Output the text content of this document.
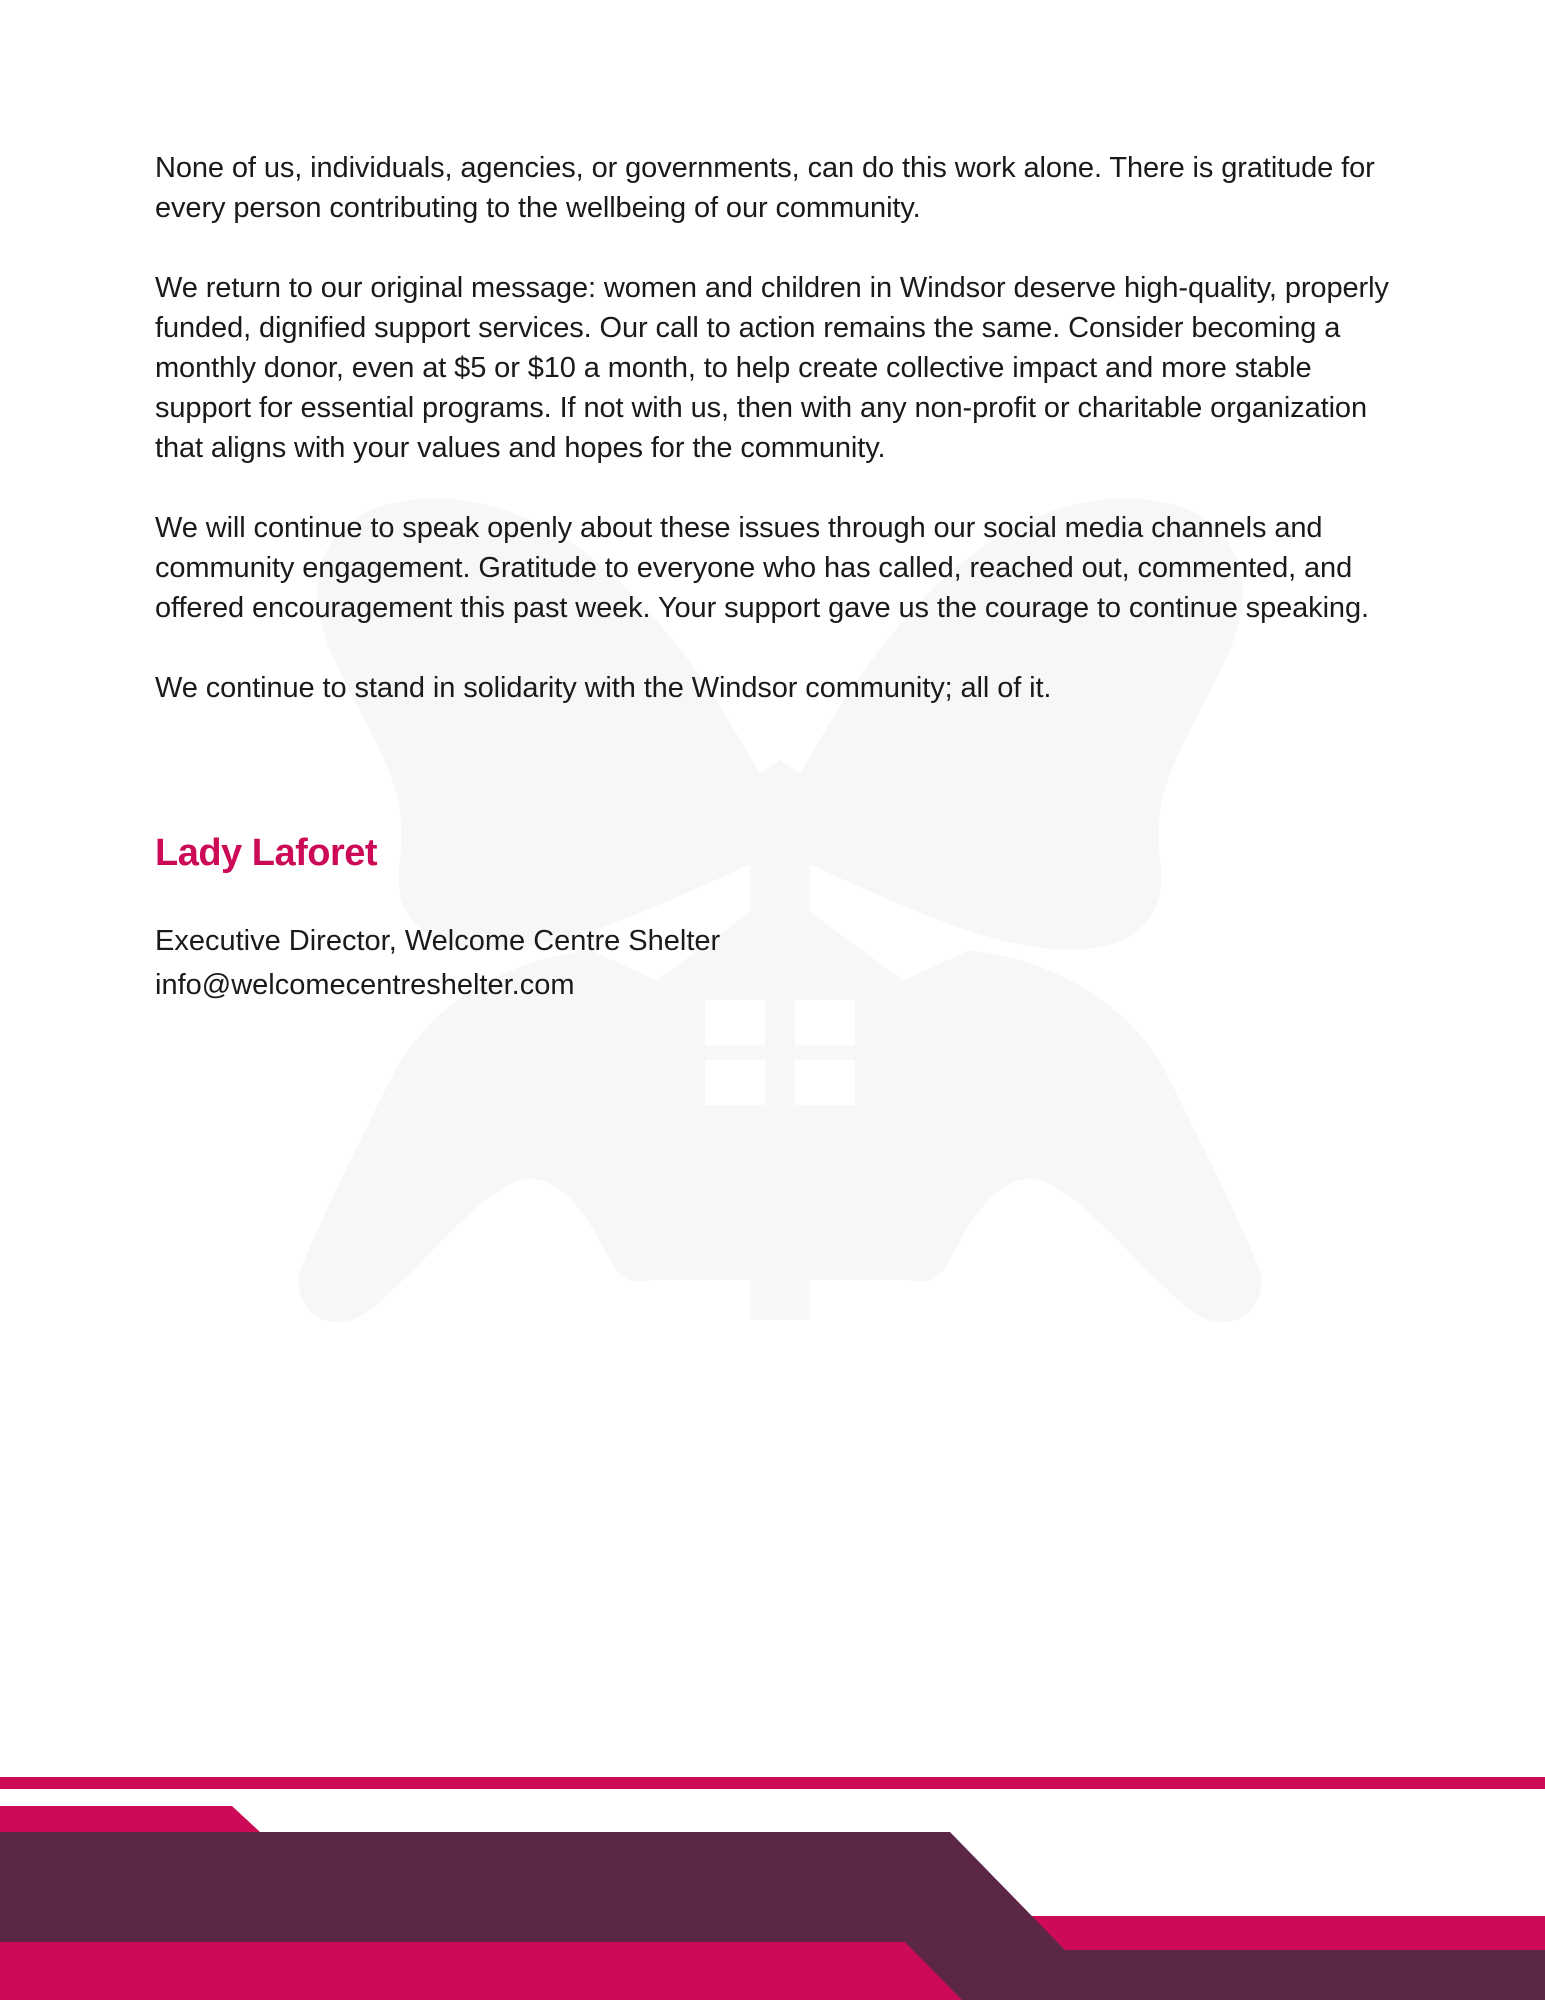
None of us, individuals, agencies, or governments, can do this work alone. There is gratitude for every person contributing to the wellbeing of our community.

We return to our original message: women and children in Windsor deserve high-quality, properly funded, dignified support services. Our call to action remains the same. Consider becoming a monthly donor, even at $5 or $10 a month, to help create collective impact and more stable support for essential programs. If not with us, then with any non-profit or charitable organization that aligns with your values and hopes for the community.

We will continue to speak openly about these issues through our social media channels and community engagement. Gratitude to everyone who has called, reached out, commented, and offered encouragement this past week. Your support gave us the courage to continue speaking.

We continue to stand in solidarity with the Windsor community; all of it.

Lady Laforet
Executive Director, Welcome Centre Shelter
info@welcomecentreshelter.com
